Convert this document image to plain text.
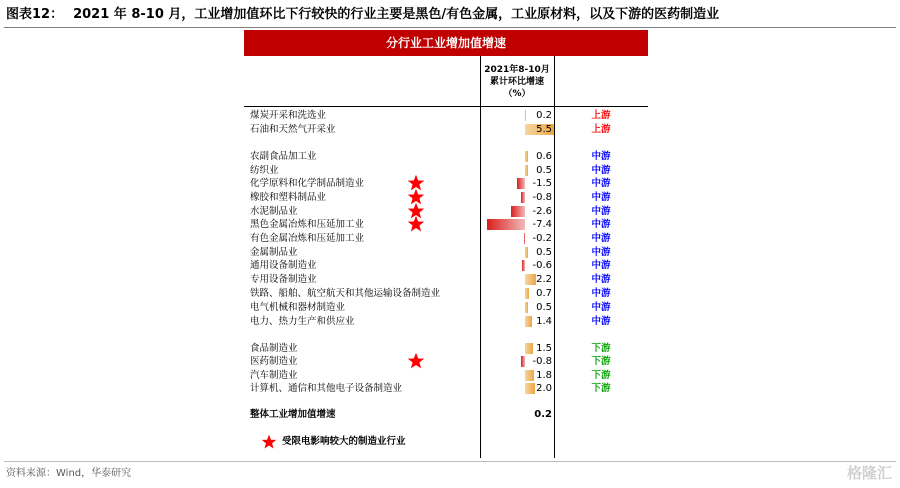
图表12： 2021 年 8-10 月，工业增加值环比下行较快的行业主要是黑色/有色金属，工业原材料，以及下游的医药制造业
分行业工业增加值增速
2021年8-10月累计环比增速（%）
煤炭开采和洗选业	0.2	上游
石油和天然气开采业	5.5	上游
农副食品加工业	0.6	中游
纺织业	0.5	中游
化学原料和化学制品制造业	-1.5	中游
橡胶和塑料制品业	-0.8	中游
水泥制品业	-2.6	中游
黑色金属冶炼和压延加工业	-7.4	中游
有色金属冶炼和压延加工业	-0.2	中游
金属制品业	0.5	中游
通用设备制造业	-0.6	中游
专用设备制造业	2.2	中游
铁路、船舶、航空航天和其他运输设备制造业	0.7	中游
电气机械和器材制造业	0.5	中游
电力、热力生产和供应业	1.4	中游
食品制造业	1.5	下游
医药制造业	-0.8	下游
汽车制造业	1.8	下游
计算机、通信和其他电子设备制造业	2.0	下游
整体工业增加值增速	0.2
受限电影响较大的制造业行业
资料来源：Wind，华泰研究	格隆汇
